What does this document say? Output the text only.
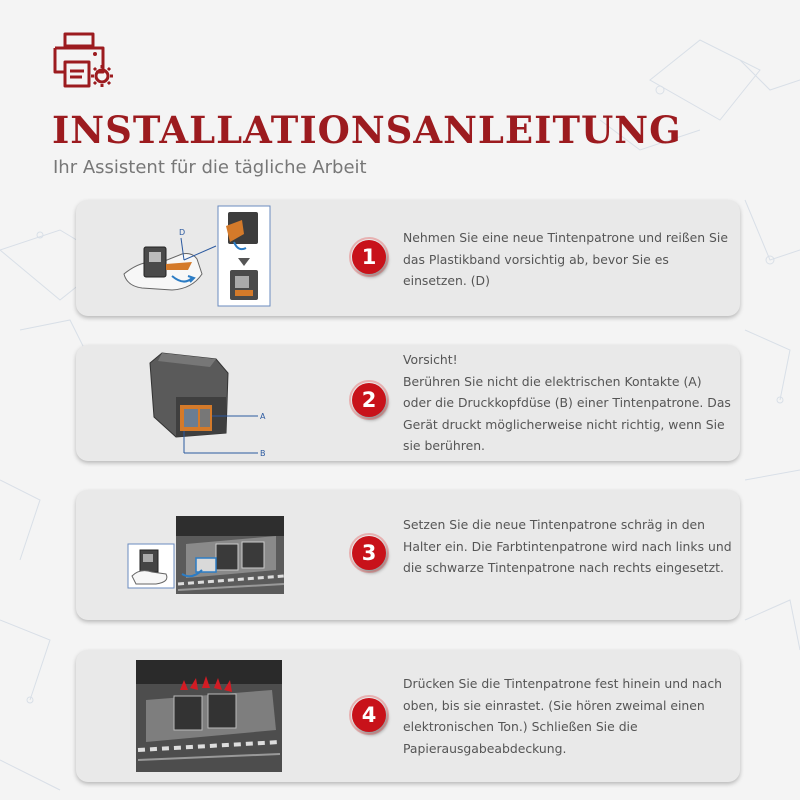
INSTALLATIONSANLEITUNG
Ihr Assistent für die tägliche Arbeit
D
1
Nehmen Sie eine neue Tintenpatrone und reißen Sie das Plastikband vorsichtig ab, bevor Sie es einsetzen. (D)
A
B
2

Vorsicht!

Berühren Sie nicht die elektrischen Kontakte (A) oder die Druckkopfdüse (B) einer Tintenpatrone. Das Gerät druckt möglicherweise nicht richtig, wenn Sie sie berühren.

3
Setzen Sie die neue Tintenpatrone schräg in den Halter ein. Die Farbtintenpatrone wird nach links und die schwarze Tintenpatrone nach rechts eingesetzt.
4
Drücken Sie die Tintenpatrone fest hinein und nach oben, bis sie einrastet. (Sie hören zweimal einen elektronischen Ton.) Schließen Sie die Papierausgabeabdeckung.
